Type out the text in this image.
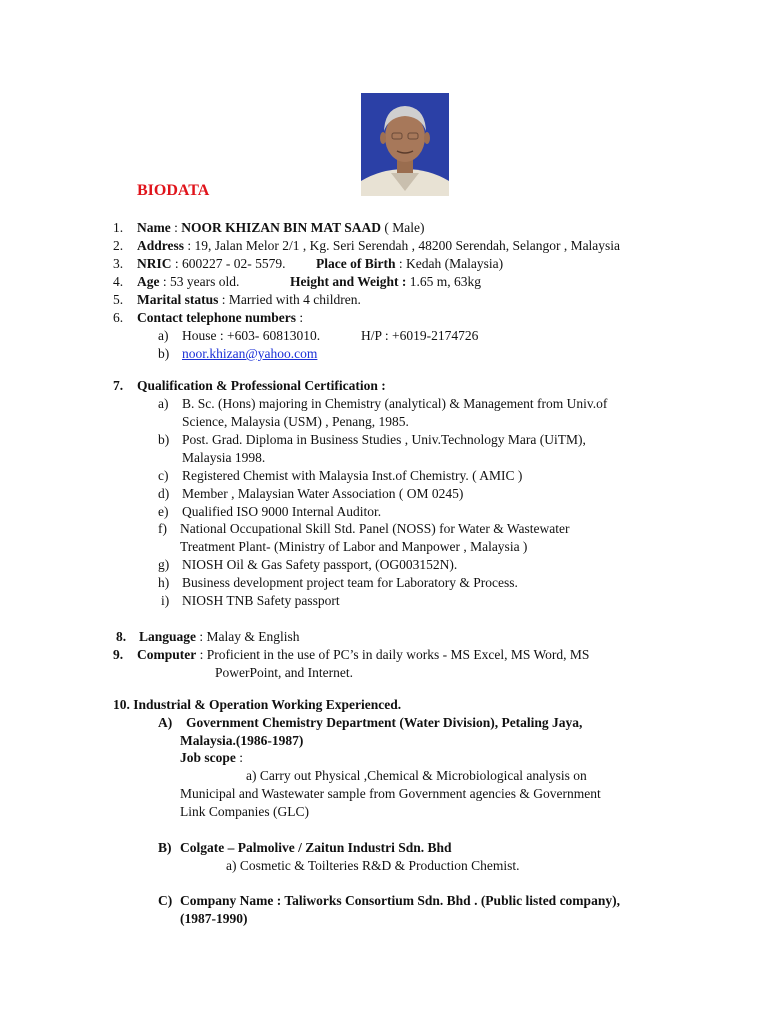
BIODATA
1. Name : NOOR KHIZAN BIN MAT SAAD ( Male)
2. Address : 19, Jalan Melor 2/1 , Kg. Seri Serendah , 48200 Serendah, Selangor , Malaysia
3. NRIC : 600227 - 02- 5579. Place of Birth : Kedah (Malaysia)
4. Age : 53 years old.	Height and Weight : 1.65 m, 63kg
5. Marital status : Married with 4 children.
6. Contact telephone numbers :
a) House : +603- 60813010.	H/P : +6019-2174726
b) noor.khizan@yahoo.com
7. Qualification & Professional Certification :
a) B. Sc. (Hons) majoring in Chemistry (analytical) & Management from Univ.of
Science, Malaysia (USM) , Penang, 1985.
b) Post. Grad. Diploma in Business Studies , Univ.Technology Mara (UiTM),
Malaysia 1998.
c) Registered Chemist with Malaysia Inst.of Chemistry. ( AMIC )
d) Member , Malaysian Water Association ( OM 0245)
e) Qualified ISO 9000 Internal Auditor.
f) National Occupational Skill Std. Panel (NOSS) for Water & Wastewater
Treatment Plant- (Ministry of Labor and Manpower , Malaysia )
g) NIOSH Oil & Gas Safety passport, (OG003152N).
h) Business development project team for Laboratory & Process.
i) NIOSH TNB Safety passport
8. Language : Malay & English
9. Computer : Proficient in the use of PC’s in daily works - MS Excel, MS Word, MS
PowerPoint, and Internet.
10. Industrial & Operation Working Experienced.
A) Government Chemistry Department (Water Division), Petaling Jaya,
Malaysia.(1986-1987)
Job scope :
a) Carry out Physical ,Chemical & Microbiological analysis on
Municipal and Wastewater sample from Government agencies & Government
Link Companies (GLC)
B) Colgate – Palmolive / Zaitun Industri Sdn. Bhd
a) Cosmetic & Toilteries R&D & Production Chemist.
C) Company Name : Taliworks Consortium Sdn. Bhd . (Public listed company),
(1987-1990)
